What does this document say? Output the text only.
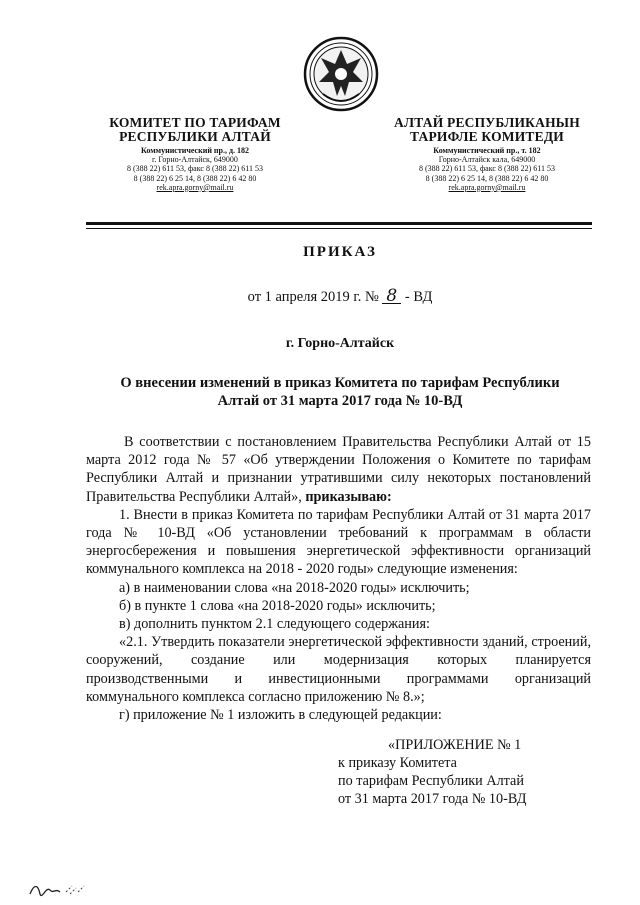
КОМИТЕТ ПО ТАРИФАМ
РЕСПУБЛИКИ АЛТАЙ
Коммунистический пр., д. 182
г. Горно-Алтайск, 649000
8 (388 22) 611 53, факс 8 (388 22) 611 53
8 (388 22) 6 25 14, 8 (388 22) 6 42 80
rek.apra.gorny@mail.ru
АЛТАЙ РЕСПУБЛИКАНЫН
ТАРИФЛЕ КОМИТЕДИ
Коммунистический пр., т. 182
Горно-Алтайск кала, 649000
8 (388 22) 611 53, факс 8 (388 22) 611 53
8 (388 22) 6 25 14, 8 (388 22) 6 42 80
rek.apra.gorny@mail.ru
ПРИКАЗ
от 1 апреля 2019 г. № 8 - ВД
г. Горно-Алтайск
О внесении изменений в приказ Комитета по тарифам Республики
Алтай от 31 марта 2017 года № 10-ВД

В соответствии с постановлением Правительства Республики Алтай от 15 марта 2012 года № 57 «Об утверждении Положения о Комитете по тарифам Республики Алтай и признании утратившими силу некоторых постановлений Правительства Республики Алтай», приказываю:

1. Внести в приказ Комитета по тарифам Республики Алтай от 31 марта 2017 года № 10-ВД «Об установлении требований к программам в области энергосбережения и повышения энергетической эффективности организаций коммунального комплекса на 2018 - 2020 годы» следующие изменения:

а) в наименовании слова «на 2018-2020 годы» исключить;

б) в пункте 1 слова «на 2018-2020 годы» исключить;

в) дополнить пунктом 2.1 следующего содержания:

«2.1. Утвердить показатели энергетической эффективности зданий, строений, сооружений, создание или модернизация которых планируется производственными и инвестиционными программами организаций коммунального комплекса согласно приложению № 8.»;

г) приложение № 1 изложить в следующей редакции:

«ПРИЛОЖЕНИЕ № 1
к приказу Комитета
по тарифам Республики Алтай
от 31 марта 2017 года № 10-ВД
